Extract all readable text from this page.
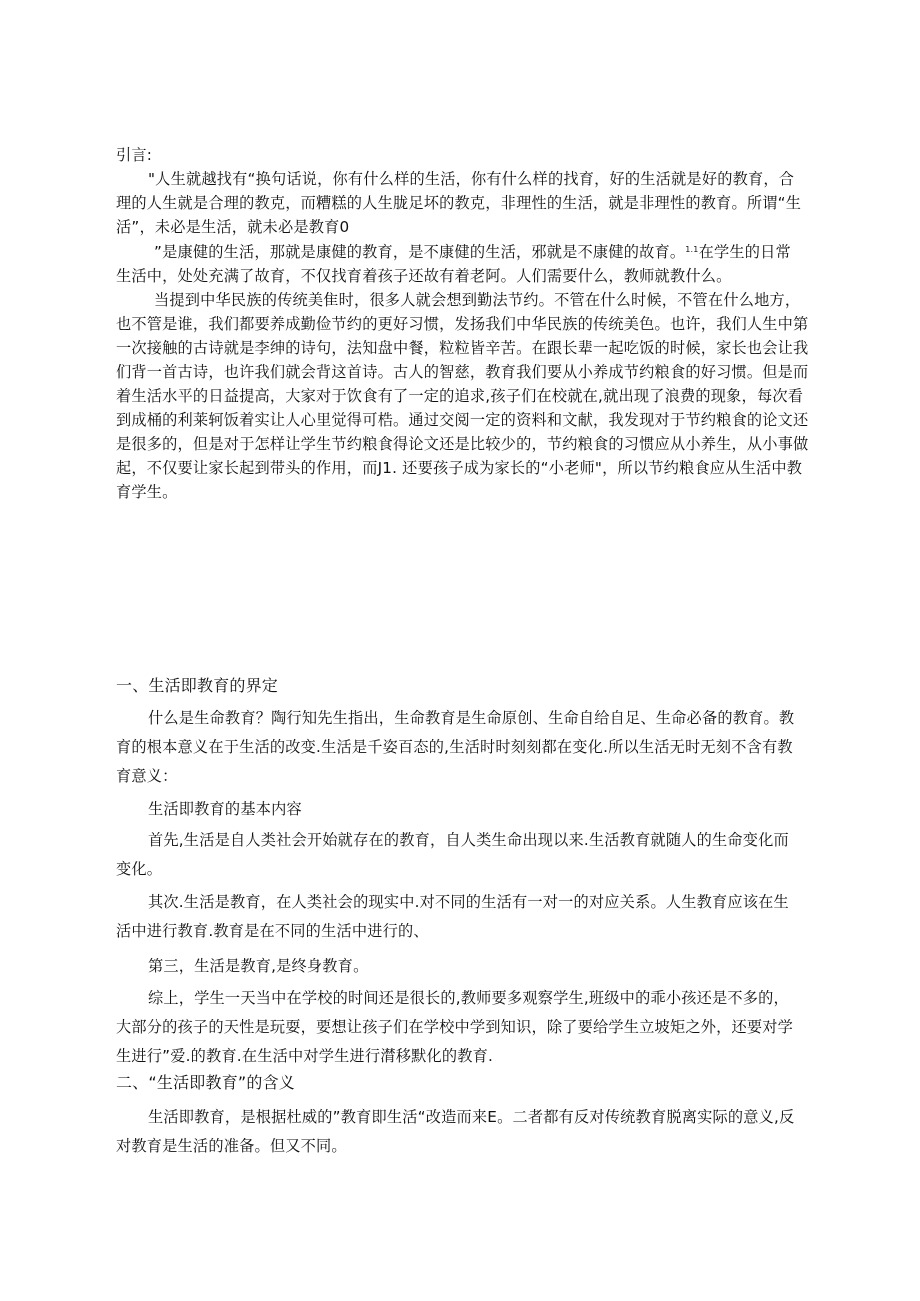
引言:
"人生就越找有“换句话说，你有什么样的生活，你有什么样的找育，好的生活就是好的教育，合
理的人生就是合理的教克，而糟糕的人生胧足坏的教克，非理性的生活，就是非理性的教育。所谓“生
活”，未必是生活，就未必是教育0
”是康健的生活，那就是康健的教育，是不康健的生活，邪就是不康健的故育。$^{1.1}$在学生的日常
生活中，处处充满了故育，不仅找育着孩子还故有着老阿。人们需要什么，教师就教什么。
当提到中华民族的传统美隹时，很多人就会想到勤法节约。不管在什么时候，不管在什么地方，
也不管是谁，我们都要养成勤俭节约的更好习惯，发扬我们中华民族的传统美色。也许，我们人生中第
一次接触的古诗就是李绅的诗句，法知盘中餐，粒粒皆辛苦。在跟长辈一起吃饭的时候，家长也会让我
们背一首古诗，也许我们就会背这首诗。古人的智慈，教育我们要从小养成节约粮食的好习惯。但是而
着生活水平的日益提高，大家对于饮食有了一定的追求,孩子们在校就在,就出现了浪费的现象，每次看
到成桶的利莱轲饭着实让人心里觉得可梏。通过交阅一定的资料和文献，我发现对于节约粮食的论文还
是很多的，但是对于怎样让学生节约粮食得论文还是比较少的，节约粮食的习惯应从小养生，从小事做
起，不仅要让家长起到带头的作用，而J1. 还要孩子成为家长的“小老师"，所以节约粮食应从生活中教
育学生。
一、生活即教育的界定
什么是生命教育？陶行知先生指出，生命教育是生命原创、生命自给自足、生命必备的教育。教
育的根本意义在于生活的改变.生活是千姿百态的,生活时时刻刻都在变化.所以生活无时无刻不含有教
育意义：
生活即教育的基本内容
首先,生活是自人类社会开始就存在的教育，自人类生命出现以来.生活教育就随人的生命变化而
变化。
其次.生活是教育，在人类社会的现实中.对不同的生活有一对一的对应关系。人生教育应该在生
活中进行教育.教育是在不同的生活中进行的、
第三，生活是教育,是终身教育。
综上，学生一天当中在学校的时间还是很长的,教师要多观察学生,班级中的乖小孩还是不多的，
大部分的孩子的天性是玩耍，要想让孩子们在学校中学到知识，除了要给学生立坡矩之外，还要对学
生进行”爱.的教育.在生活中对学生进行潸移默化的教育.
二、“生活即教育”的含义
生活即教育，是根据杜威的”教育即生活“改造而来E。二者都有反对传统教育脱离实际的意义,反
对教育是生活的准备。但又不同。
